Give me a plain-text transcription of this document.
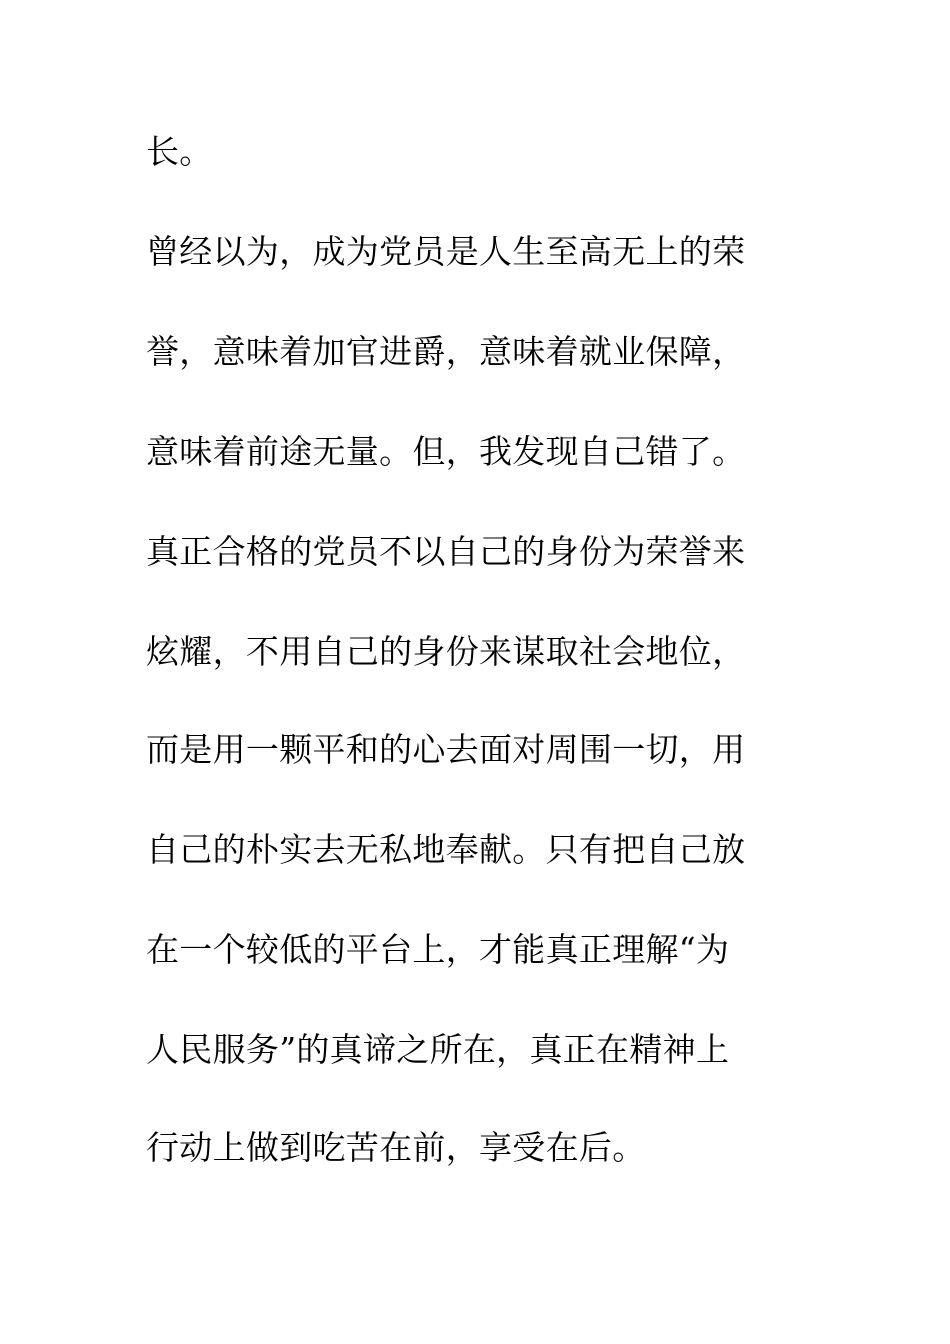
长。
曾经以为，成为党员是人生至高无上的荣
誉，意味着加官进爵，意味着就业保障，
意味着前途无量。但，我发现自己错了。
真正合格的党员不以自己的身份为荣誉来
炫耀，不用自己的身份来谋取社会地位，
而是用一颗平和的心去面对周围一切，用
自己的朴实去无私地奉献。只有把自己放
在一个较低的平台上，才能真正理解“为
人民服务”的真谛之所在，真正在精神上
行动上做到吃苦在前，享受在后。
